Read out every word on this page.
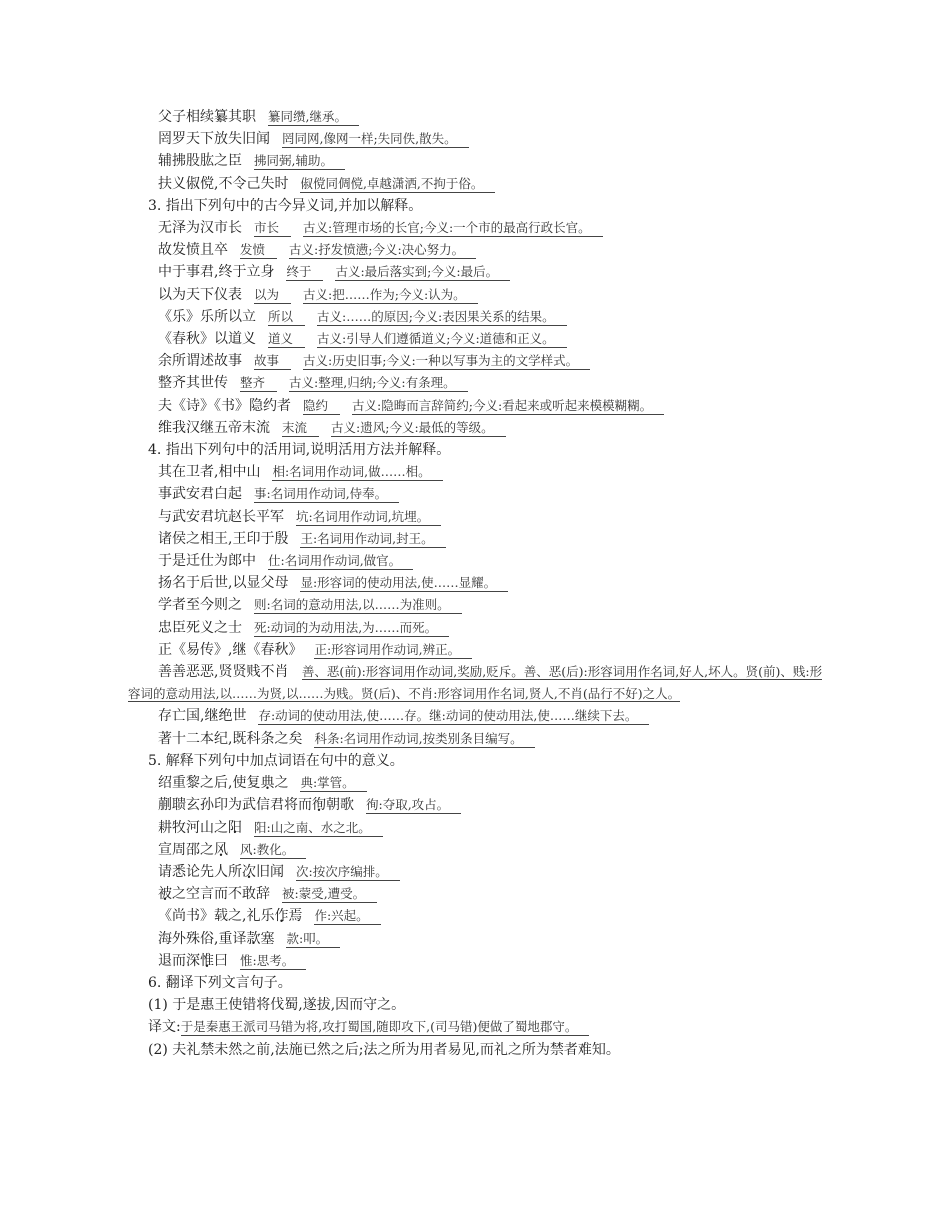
父子相续纂其职 纂同缵,继承。
罔罗天下放失旧闻 罔同网,像网一样;失同佚,散失。
辅拂股肱之臣 拂同弼,辅助。
扶义俶傥,不令己失时 俶傥同倜傥,卓越潇洒,不拘于俗。
3. 指出下列句中的古今异义词,并加以解释。
无泽为汉市长 市长 古义:管理市场的长官;今义:一个市的最高行政长官。
故发愤且卒 发愤 古义:抒发愤懑;今义:决心努力。
中于事君,终于立身 终于 古义:最后落实到;今义:最后。
以为天下仪表 以为 古义:把……作为;今义:认为。
《乐》乐所以立 所以 古义:……的原因;今义:表因果关系的结果。
《春秋》以道义 道义 古义:引导人们遵循道义;今义:道德和正义。
余所谓述故事 故事 古义:历史旧事;今义:一种以写事为主的文学样式。
整齐其世传 整齐 古义:整理,归纳;今义:有条理。
夫《诗》《书》隐约者 隐约 古义:隐晦而言辞简约;今义:看起来或听起来模模糊糊。
维我汉继五帝末流 末流 古义:遗风;今义:最低的等级。
4. 指出下列句中的活用词,说明活用方法并解释。
其在卫者,相中山 相:名词用作动词,做……相。
事武安君白起 事:名词用作动词,侍奉。
与武安君坑赵长平军 坑:名词用作动词,坑埋。
诸侯之相王,王印于殷 王:名词用作动词,封王。
于是迁仕为郎中 仕:名词用作动词,做官。
扬名于后世,以显父母 显:形容词的使动用法,使……显耀。
学者至今则之 则:名词的意动用法,以……为准则。
忠臣死义之士 死:动词的为动用法,为……而死。
正《易传》,继《春秋》 正:形容词用作动词,辨正。
善善恶恶,贤贤贱不肖 善、恶(前):形容词用作动词,奖励,贬斥。善、恶(后):形容词用作名词,好人,坏人。贤(前)、贱:形容词的意动用法,以……为贤,以……为贱。贤(后)、不肖:形容词用作名词,贤人,不肖(品行不好)之人。
存亡国,继绝世 存:动词的使动用法,使……存。继:动词的使动用法,使……继续下去。
著十二本纪,既科条之矣 科条:名词用作动词,按类别条目编写。
5. 解释下列句中加点词语在句中的意义。
绍重黎之后,使复典之 典:掌管。
蒯聩玄孙印为武信君将而徇朝歌 徇:夺取,攻占。
耕牧河山之阳 阳:山之南、水之北。
宣周邵之风 风:教化。
请悉论先人所次旧闻 次:按次序编排。
被之空言而不敢辞 被:蒙受,遭受。
《尚书》载之,礼乐作焉 作:兴起。
海外殊俗,重译款塞 款:叩。
退而深惟曰 惟:思考。
6. 翻译下列文言句子。
(1) 于是惠王使错将伐蜀,遂拔,因而守之。
译文:于是秦惠王派司马错为将,攻打蜀国,随即攻下,(司马错)便做了蜀地郡守。
(2) 夫礼禁未然之前,法施已然之后;法之所为用者易见,而礼之所为禁者难知。
